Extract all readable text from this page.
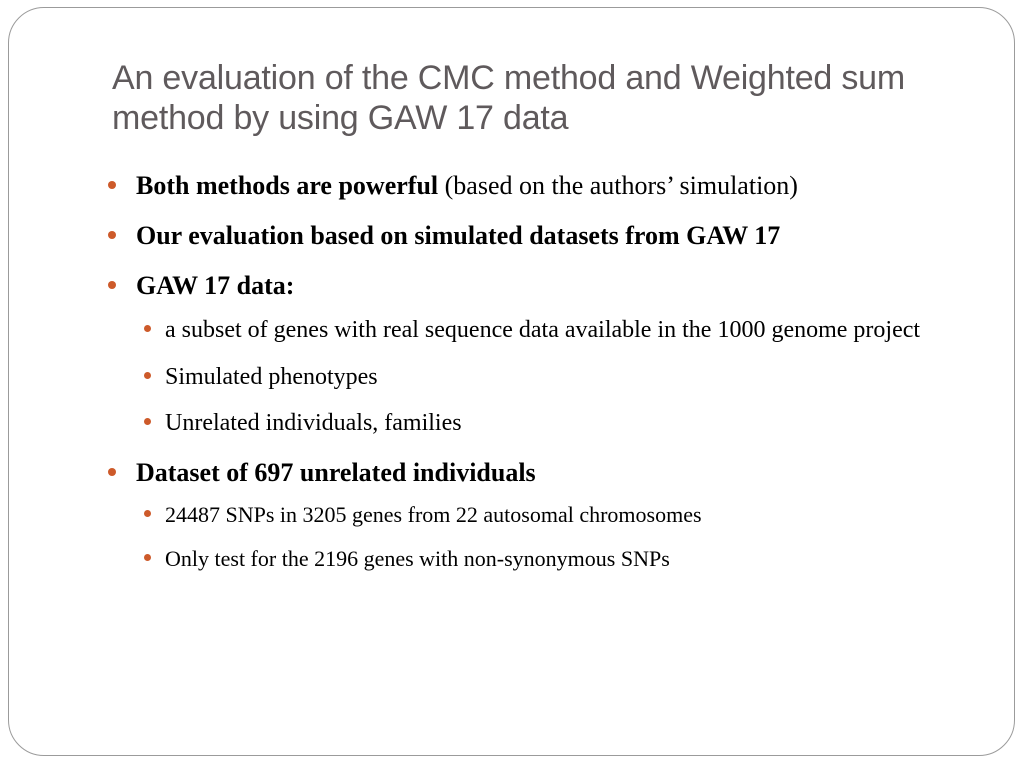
An evaluation of the CMC method and Weighted sum method by using GAW 17 data
Both methods are powerful (based on the authors’ simulation)
Our evaluation based on simulated datasets from GAW 17
GAW 17 data:
a subset of genes with real sequence data available in the 1000 genome project
Simulated phenotypes
Unrelated individuals, families
Dataset of 697 unrelated individuals
24487 SNPs in 3205 genes from 22 autosomal chromosomes
Only test for the 2196 genes with non-synonymous SNPs
